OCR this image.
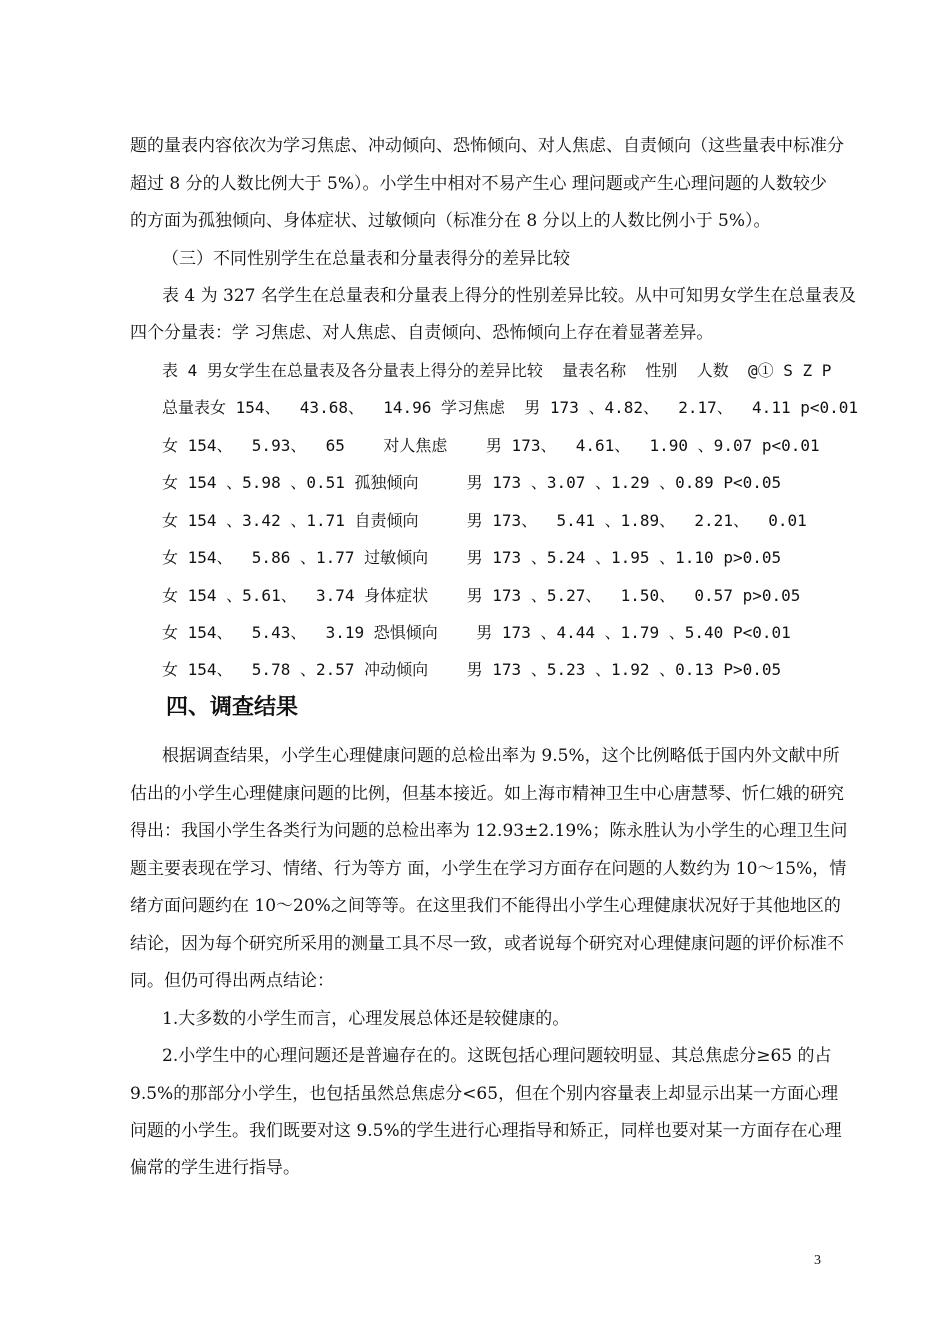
题的量表内容依次为学习焦虑、冲动倾向、恐怖倾向、对人焦虑、自责倾向（这些量表中标准分
超过 8 分的人数比例大于 5%）。小学生中相对不易产生心 理问题或产生心理问题的人数较少
的方面为孤独倾向、身体症状、过敏倾向（标准分在 8 分以上的人数比例小于 5%）。
（三）不同性别学生在总量表和分量表得分的差异比较
表 4 为 327 名学生在总量表和分量表上得分的性别差异比较。从中可知男女学生在总量表及
四个分量表：学 习焦虑、对人焦虑、自责倾向、恐怖倾向上存在着显著差异。
表 4 男女学生在总量表及各分量表上得分的差异比较  量表名称  性别  人数  @① S Z P
总量表女 154、  43.68、  14.96 学习焦虑  男 173 、4.82、  2.17、  4.11 p<0.01
女 154、  5.93、  65    对人焦虑    男 173、  4.61、  1.90 、9.07 p<0.01
女 154 、5.98 、0.51 孤独倾向     男 173 、3.07 、1.29 、0.89 P<0.05
女 154 、3.42 、1.71 自责倾向     男 173、  5.41 、1.89、  2.21、  0.01
女 154、  5.86 、1.77 过敏倾向    男 173 、5.24 、1.95 、1.10 p>0.05
女 154 、5.61、  3.74 身体症状    男 173 、5.27、  1.50、  0.57 p>0.05
女 154、  5.43、  3.19 恐惧倾向    男 173 、4.44 、1.79 、5.40 P<0.01
女 154、  5.78 、2.57 冲动倾向    男 173 、5.23 、1.92 、0.13 P>0.05
四、调查结果
根据调查结果，小学生心理健康问题的总检出率为 9.5%，这个比例略低于国内外文献中所
估出的小学生心理健康问题的比例，但基本接近。如上海市精神卫生中心唐慧琴、忻仁娥的研究
得出：我国小学生各类行为问题的总检出率为 12.93±2.19%；陈永胜认为小学生的心理卫生问
题主要表现在学习、情绪、行为等方 面，小学生在学习方面存在问题的人数约为 10～15%，情
绪方面问题约在 10～20%之间等等。在这里我们不能得出小学生心理健康状况好于其他地区的
结论，因为每个研究所采用的测量工具不尽一致，或者说每个研究对心理健康问题的评价标准不
同。但仍可得出两点结论：
1.大多数的小学生而言，心理发展总体还是较健康的。
2.小学生中的心理问题还是普遍存在的。这既包括心理问题较明显、其总焦虑分≥65 的占
9.5%的那部分小学生，也包括虽然总焦虑分<65，但在个别内容量表上却显示出某一方面心理
问题的小学生。我们既要对这 9.5%的学生进行心理指导和矫正，同样也要对某一方面存在心理
偏常的学生进行指导。
3
